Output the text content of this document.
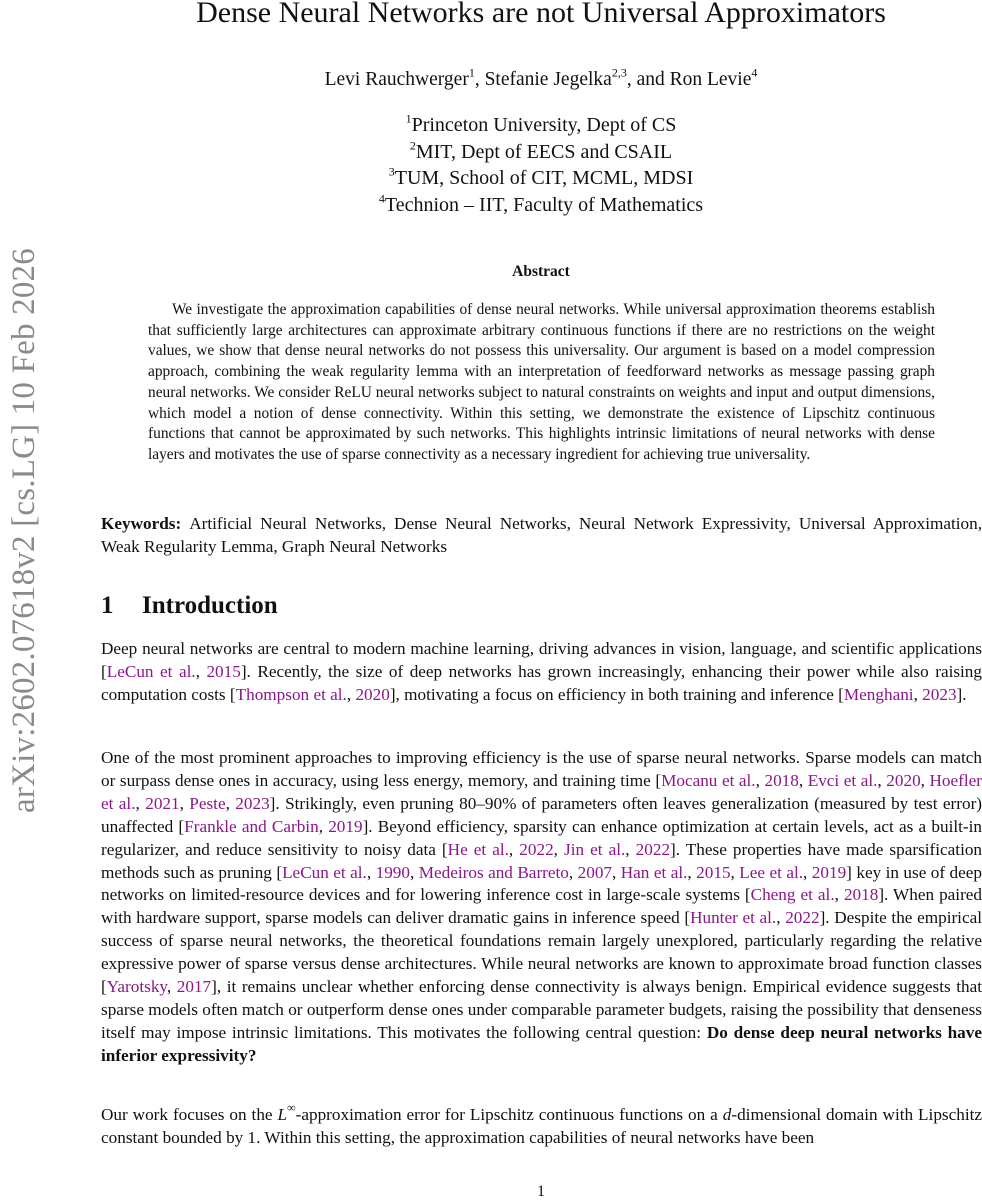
arXiv:2602.07618v2 [cs.LG] 10 Feb 2026
Dense Neural Networks are not Universal Approximators
Levi Rauchwerger$^1$, Stefanie Jegelka$^{2,3}$, and Ron Levie$^4$
$^1$Princeton University, Dept of CS
$^2$MIT, Dept of EECS and CSAIL
$^3$TUM, School of CIT, MCML, MDSI
$^4$Technion – IIT, Faculty of Mathematics
Abstract

We investigate the approximation capabilities of dense neural networks. While universal approximation theorems establish that sufficiently large architectures can approximate arbitrary continuous functions if there are no restrictions on the weight values, we show that dense neural networks do not possess this universality. Our argument is based on a model compression approach, combining the weak regularity lemma with an interpretation of feedforward networks as message passing graph neural networks. We consider ReLU neural networks subject to natural constraints on weights and input and output dimensions, which model a notion of dense connectivity. Within this setting, we demonstrate the existence of Lipschitz continuous functions that cannot be approximated by such networks. This highlights intrinsic limitations of neural networks with dense layers and motivates the use of sparse connectivity as a necessary ingredient for achieving true universality.

Keywords: Artificial Neural Networks, Dense Neural Networks, Neural Network Expressivity, Universal Approximation, Weak Regularity Lemma, Graph Neural Networks

1 Introduction

Deep neural networks are central to modern machine learning, driving advances in vision, language, and scientific applications [LeCun et al., 2015]. Recently, the size of deep networks has grown increasingly, enhancing their power while also raising computation costs [Thompson et al., 2020], motivating a focus on efficiency in both training and inference [Menghani, 2023].

One of the most prominent approaches to improving efficiency is the use of sparse neural networks. Sparse models can match or surpass dense ones in accuracy, using less energy, memory, and training time [Mocanu et al., 2018, Evci et al., 2020, Hoefler et al., 2021, Peste, 2023]. Strikingly, even pruning 80–90% of parameters often leaves generalization (measured by test error) unaffected [Frankle and Carbin, 2019]. Beyond efficiency, sparsity can enhance optimization at certain levels, act as a built-in regularizer, and reduce sensitivity to noisy data [He et al., 2022, Jin et al., 2022]. These properties have made sparsification methods such as pruning [LeCun et al., 1990, Medeiros and Barreto, 2007, Han et al., 2015, Lee et al., 2019] key in use of deep networks on limited-resource devices and for lowering inference cost in large-scale systems [Cheng et al., 2018]. When paired with hardware support, sparse models can deliver dramatic gains in inference speed [Hunter et al., 2022]. Despite the empirical success of sparse neural networks, the theoretical foundations remain largely unexplored, particularly regarding the relative expressive power of sparse versus dense architectures. While neural networks are known to approximate broad function classes [Yarotsky, 2017], it remains unclear whether enforcing dense connectivity is always benign. Empirical evidence suggests that sparse models often match or outperform dense ones under comparable parameter budgets, raising the possibility that denseness itself may impose intrinsic limitations. This motivates the following central question: Do dense deep neural networks have inferior expressivity?

Our work focuses on the L∞-approximation error for Lipschitz continuous functions on a d-dimensional domain with Lipschitz constant bounded by 1. Within this setting, the approximation capabilities of neural networks have been

1
